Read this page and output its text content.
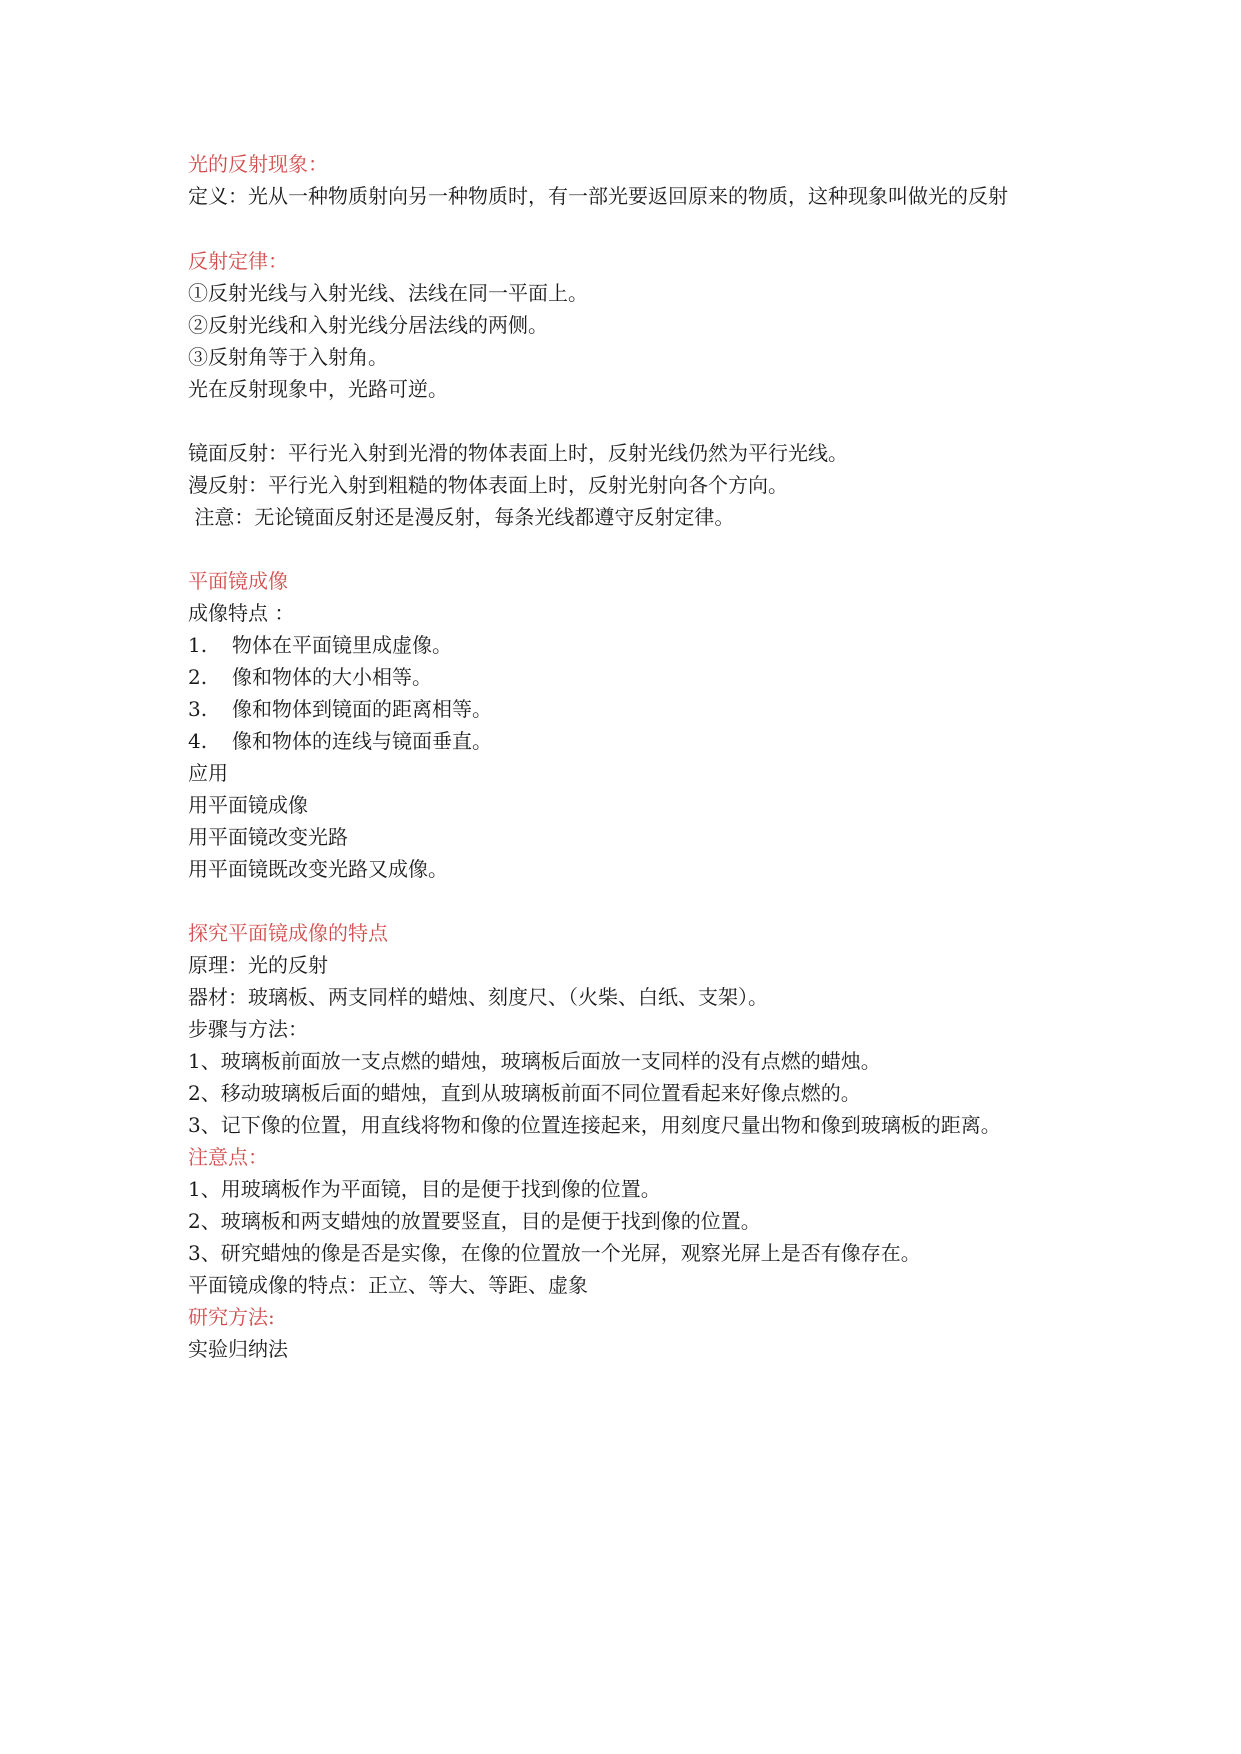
光的反射现象：

定义：光从一种物质射向另一种物质时，有一部光要返回原来的物质，这种现象叫做光的反射

反射定律：

①反射光线与入射光线、法线在同一平面上。

②反射光线和入射光线分居法线的两侧。

③反射角等于入射角。

光在反射现象中，光路可逆。

镜面反射：平行光入射到光滑的物体表面上时，反射光线仍然为平行光线。

漫反射：平行光入射到粗糙的物体表面上时，反射光射向各个方向。

注意：无论镜面反射还是漫反射，每条光线都遵守反射定律。

平面镜成像

成像特点 ：

1. 物体在平面镜里成虚像。

2. 像和物体的大小相等。

3. 像和物体到镜面的距离相等。

4. 像和物体的连线与镜面垂直。

应用

用平面镜成像

用平面镜改变光路

用平面镜既改变光路又成像。

探究平面镜成像的特点

原理：光的反射

器材：玻璃板、两支同样的蜡烛、刻度尺、（火柴、白纸、支架）。

步骤与方法：

1、玻璃板前面放一支点燃的蜡烛，玻璃板后面放一支同样的没有点燃的蜡烛。

2、移动玻璃板后面的蜡烛，直到从玻璃板前面不同位置看起来好像点燃的。

3、记下像的位置，用直线将物和像的位置连接起来，用刻度尺量出物和像到玻璃板的距离。

注意点：

1、用玻璃板作为平面镜，目的是便于找到像的位置。

2、玻璃板和两支蜡烛的放置要竖直，目的是便于找到像的位置。

3、研究蜡烛的像是否是实像，在像的位置放一个光屏，观察光屏上是否有像存在。

平面镜成像的特点：正立、等大、等距、虚象

研究方法:

实验归纳法
